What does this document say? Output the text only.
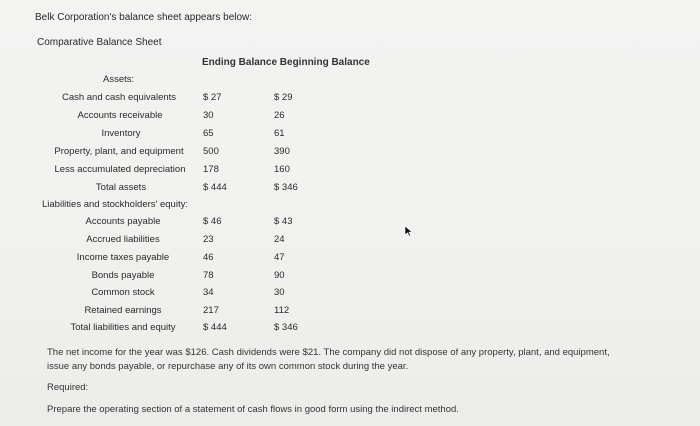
Belk Corporation's balance sheet appears below:
Comparative Balance Sheet
Ending Balance Beginning Balance
Assets:
Cash and cash equivalents	$ 27	$ 29
Accounts receivable	30	26
Inventory	65	61
Property, plant, and equipment	500	390
Less accumulated depreciation	178	160
Total assets	$ 444	$ 346
Liabilities and stockholders' equity:
Accounts payable	$ 46	$ 43
Accrued liabilities	23	24
Income taxes payable	46	47
Bonds payable	78	90
Common stock	34	30
Retained earnings	217	112
Total liabilities and equity	$ 444	$ 346
The net income for the year was $126. Cash dividends were $21. The company did not dispose of any property, plant, and equipment,
issue any bonds payable, or repurchase any of its own common stock during the year.
Required:
Prepare the operating section of a statement of cash flows in good form using the indirect method.
